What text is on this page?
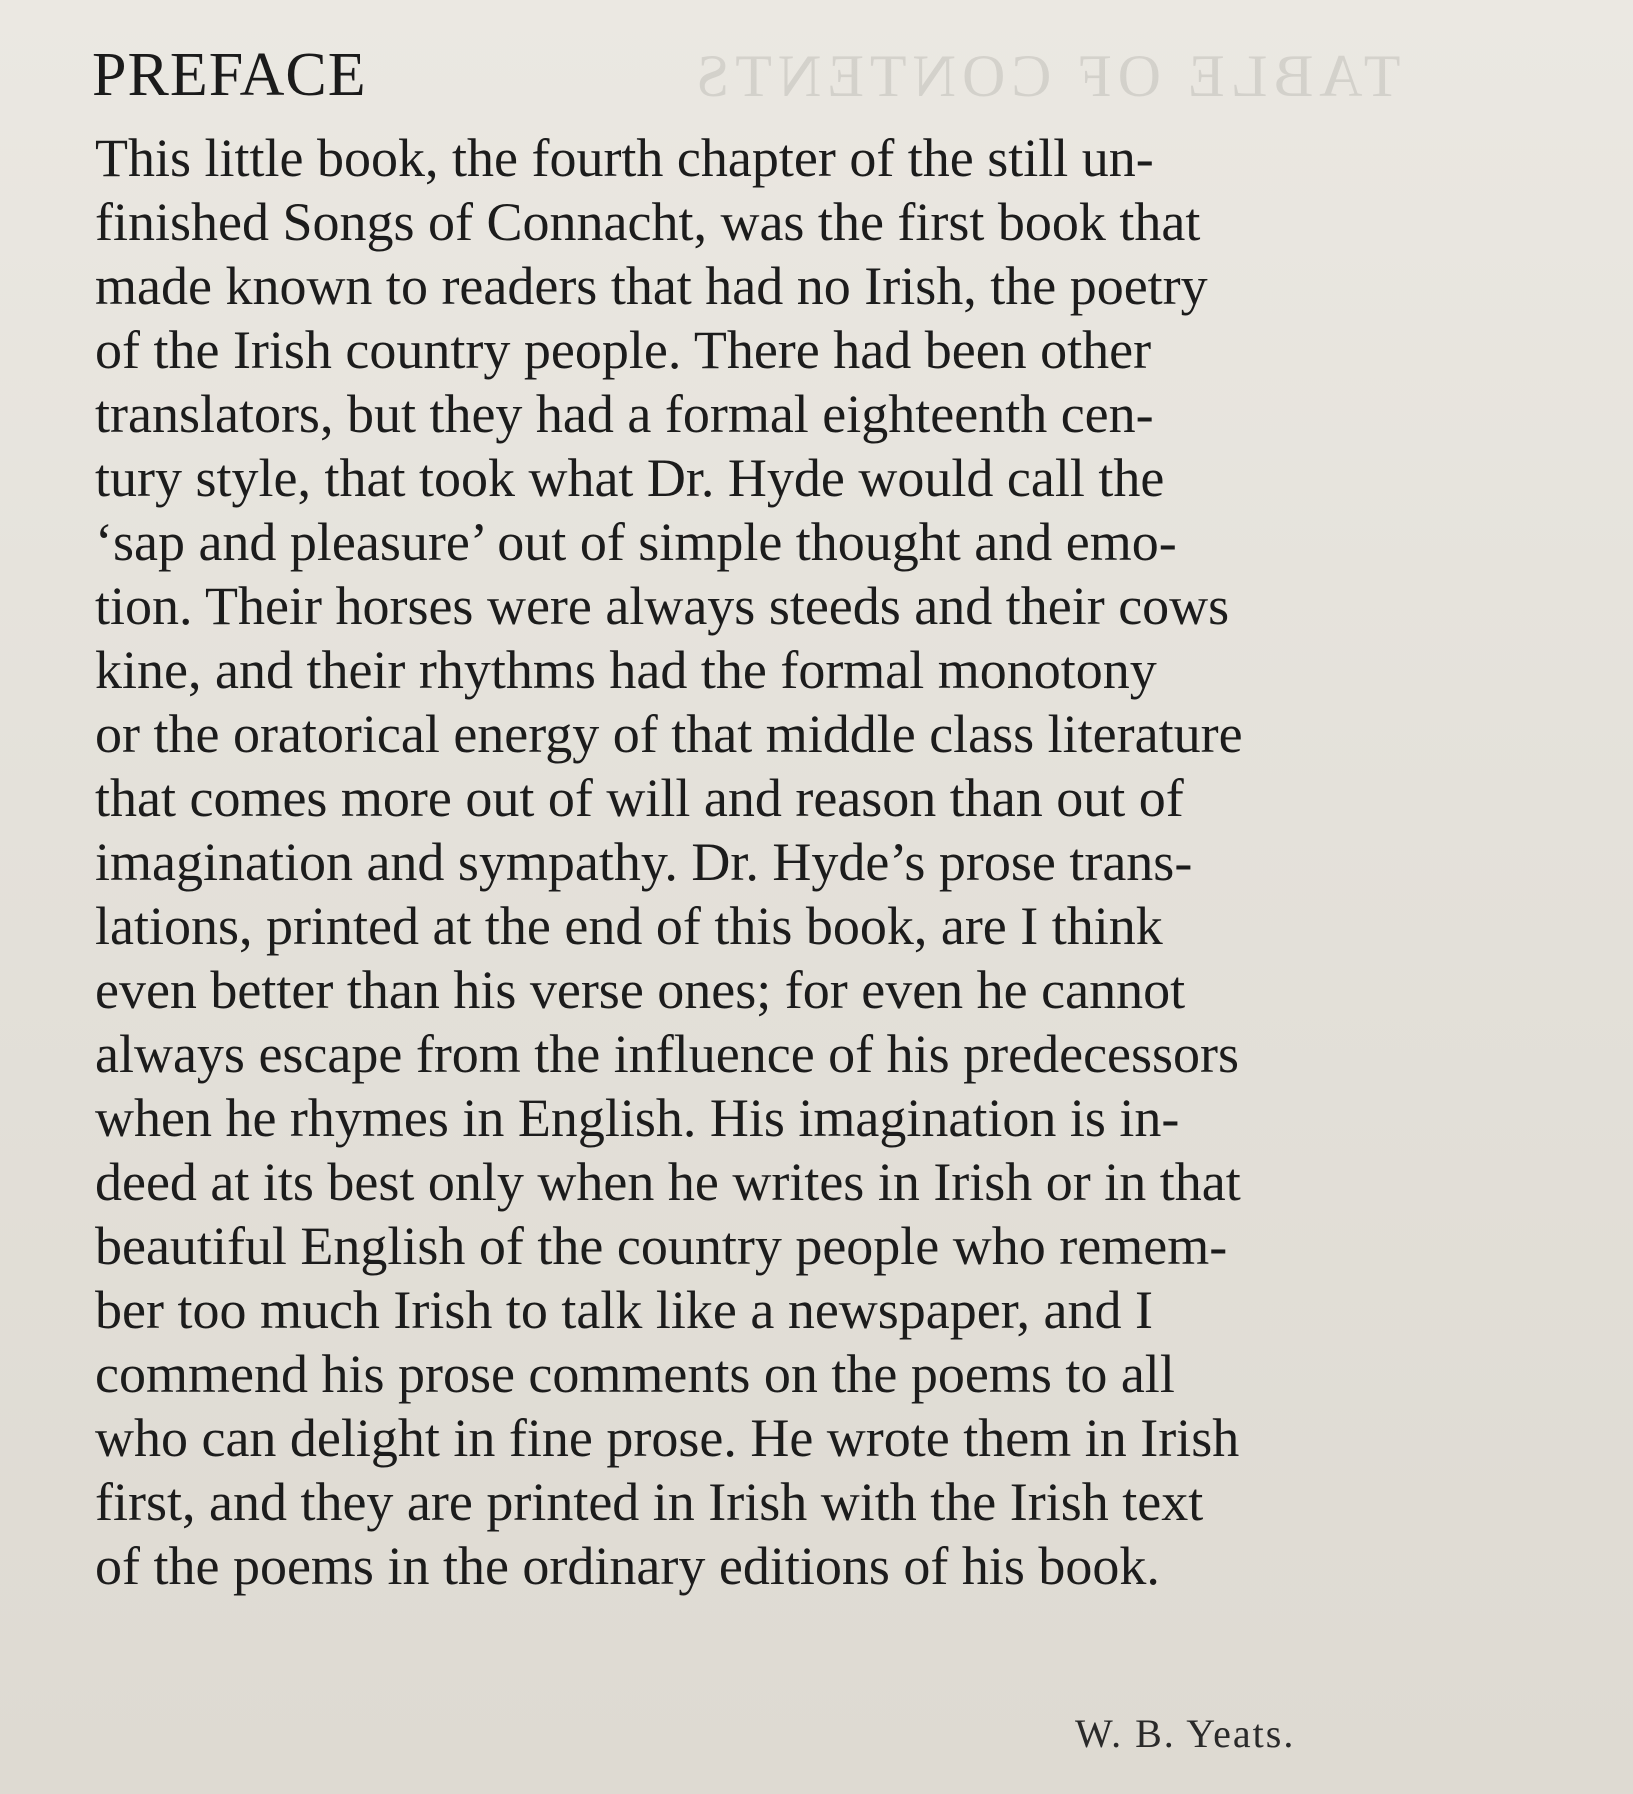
TABLE OF CONTENTS
PREFACE
This little book, the fourth chapter of the still un-
finished Songs of Connacht, was the first book that
made known to readers that had no Irish, the poetry
of the Irish country people. There had been other
translators, but they had a formal eighteenth cen-
tury style, that took what Dr. Hyde would call the
‘sap and pleasure’ out of simple thought and emo-
tion. Their horses were always steeds and their cows
kine, and their rhythms had the formal monotony
or the oratorical energy of that middle class literature
that comes more out of will and reason than out of
imagination and sympathy. Dr. Hyde’s prose trans-
lations, printed at the end of this book, are I think
even better than his verse ones; for even he cannot
always escape from the influence of his predecessors
when he rhymes in English. His imagination is in-
deed at its best only when he writes in Irish or in that
beautiful English of the country people who remem-
ber too much Irish to talk like a newspaper, and I
commend his prose comments on the poems to all
who can delight in fine prose. He wrote them in Irish
first, and they are printed in Irish with the Irish text
of the poems in the ordinary editions of his book.
W. B. Yeats.
